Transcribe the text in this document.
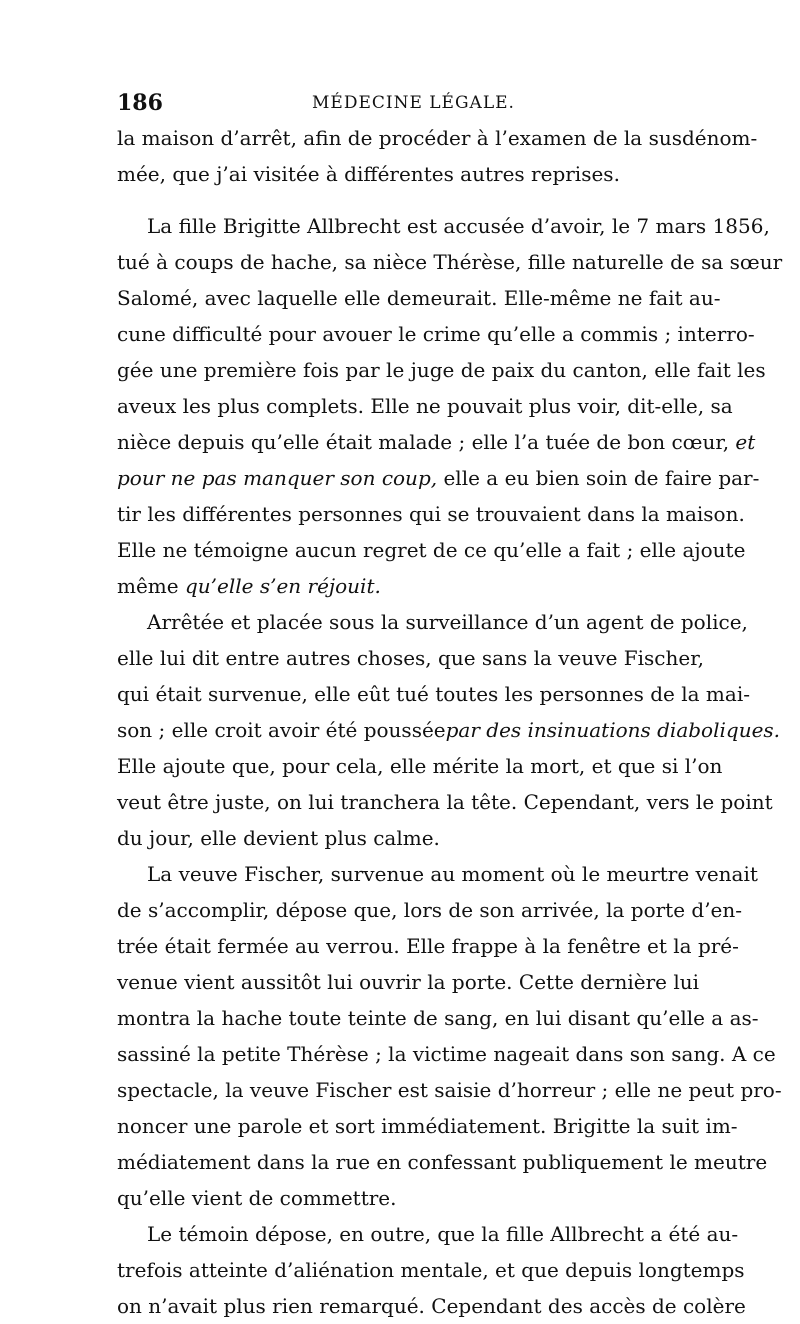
186	MÉDECINE LÉGALE.
la maison d’arrêt, afin de procéder à l’examen de la susdénom-
mée, que j’ai visitée à différentes autres reprises.
La fille Brigitte Allbrecht est accusée d’avoir, le 7 mars 1856,
tué à coups de hache, sa nièce Thérèse, fille naturelle de sa sœur
Salomé, avec laquelle elle demeurait. Elle-même ne fait au-
cune difficulté pour avouer le crime qu’elle a commis ; interro-
gée une première fois par le juge de paix du canton, elle fait les
aveux les plus complets. Elle ne pouvait plus voir, dit-elle, sa
nièce depuis qu’elle était malade ; elle l’a tuée de bon cœur, et
pour ne pas manquer son coup, elle a eu bien soin de faire par-
tir les différentes personnes qui se trouvaient dans la maison.
Elle ne témoigne aucun regret de ce qu’elle a fait ; elle ajoute
même qu’elle s’en réjouit.
Arrêtée et placée sous la surveillance d’un agent de police,
elle lui dit entre autres choses, que sans la veuve Fischer,
qui était survenue, elle eût tué toutes les personnes de la mai-
son ; elle croit avoir été pousséepar des insinuations diaboliques.
Elle ajoute que, pour cela, elle mérite la mort, et que si l’on
veut être juste, on lui tranchera la tête. Cependant, vers le point
du jour, elle devient plus calme.
La veuve Fischer, survenue au moment où le meurtre venait
de s’accomplir, dépose que, lors de son arrivée, la porte d’en-
trée était fermée au verrou. Elle frappe à la fenêtre et la pré-
venue vient aussitôt lui ouvrir la porte. Cette dernière lui
montra la hache toute teinte de sang, en lui disant qu’elle a as-
sassiné la petite Thérèse ; la victime nageait dans son sang. A ce
spectacle, la veuve Fischer est saisie d’horreur ; elle ne peut pro-
noncer une parole et sort immédiatement. Brigitte la suit im-
médiatement dans la rue en confessant publiquement le meutre
qu’elle vient de commettre.
Le témoin dépose, en outre, que la fille Allbrecht a été au-
trefois atteinte d’aliénation mentale, et que depuis longtemps
on n’avait plus rien remarqué. Cependant des accès de colère
